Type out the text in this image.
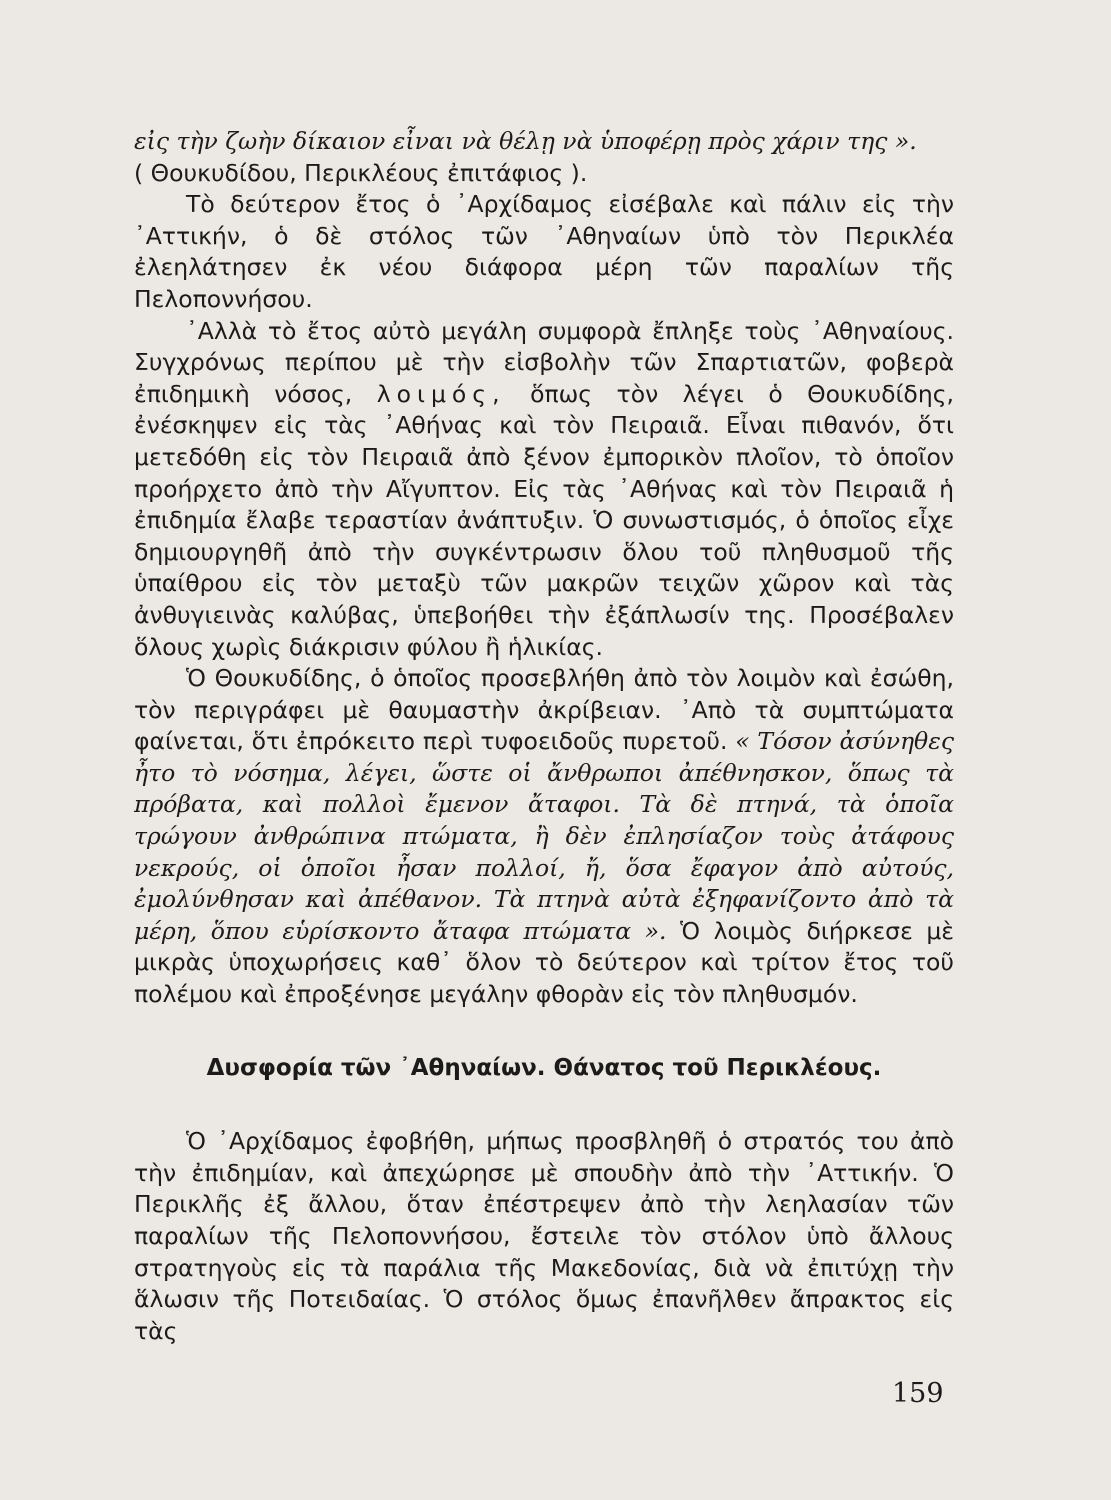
εἰς τὴν ζωὴν δίκαιον εἶναι νὰ θέλῃ νὰ ὑποφέρῃ πρὸς χάριν της ».

( Θουκυδίδου, Περικλέους ἐπιτάφιος ).

Τὸ δεύτερον ἔτος ὁ ᾿Αρχίδαμος εἰσέβαλε καὶ πάλιν εἰς τὴν ᾿Αττικήν, ὁ δὲ στόλος τῶν ᾿Αθηναίων ὑπὸ τὸν Περικλέα ἐλεηλάτησεν ἐκ νέου διάφορα μέρη τῶν παραλίων τῆς Πελοποννήσου.

᾿Αλλὰ τὸ ἔτος αὐτὸ μεγάλη συμφορὰ ἔπληξε τοὺς ᾿Αθηναίους. Συγχρόνως περίπου μὲ τὴν εἰσβολὴν τῶν Σπαρτιατῶν, φοβερὰ ἐπιδημικὴ νόσος, λοιμός, ὅπως τὸν λέγει ὁ Θουκυδίδης, ἐνέσκηψεν εἰς τὰς ᾿Αθήνας καὶ τὸν Πειραιᾶ. Εἶναι πιθανόν, ὅτι μετεδόθη εἰς τὸν Πειραιᾶ ἀπὸ ξένον ἐμπορικὸν πλοῖον, τὸ ὁποῖον προήρχετο ἀπὸ τὴν Αἴγυπτον. Εἰς τὰς ᾿Αθήνας καὶ τὸν Πειραιᾶ ἡ ἐπιδημία ἔλαβε τεραστίαν ἀνάπτυξιν. Ὁ συνωστισμός, ὁ ὁποῖος εἶχε δημιουργηθῆ ἀπὸ τὴν συγκέντρωσιν ὅλου τοῦ πληθυσμοῦ τῆς ὑπαίθρου εἰς τὸν μεταξὺ τῶν μακρῶν τειχῶν χῶρον καὶ τὰς ἀνθυγιεινὰς καλύβας, ὑπεβοήθει τὴν ἐξάπλωσίν της. Προσέβαλεν ὅλους χωρὶς διάκρισιν φύλου ἢ ἡλικίας.

Ὁ Θουκυδίδης, ὁ ὁποῖος προσεβλήθη ἀπὸ τὸν λοιμὸν καὶ ἐσώθη, τὸν περιγράφει μὲ θαυμαστὴν ἀκρίβειαν. ᾿Απὸ τὰ συμπτώματα φαίνεται, ὅτι ἐπρόκειτο περὶ τυφοειδοῦς πυρετοῦ. « Τόσον ἀσύνηθες ἦτο τὸ νόσημα, λέγει, ὥστε οἱ ἄνθρωποι ἀπέθνησκον, ὅπως τὰ πρόβατα, καὶ πολλοὶ ἔμενον ἄταφοι. Τὰ δὲ πτηνά, τὰ ὁποῖα τρώγουν ἀνθρώπινα πτώματα, ἢ δὲν ἐπλησίαζον τοὺς ἀτάφους νεκρούς, οἱ ὁποῖοι ἦσαν πολλοί, ἤ, ὅσα ἔφαγον ἀπὸ αὐτούς, ἐμολύνθησαν καὶ ἀπέθανον. Τὰ πτηνὰ αὐτὰ ἐξηφανίζοντο ἀπὸ τὰ μέρη, ὅπου εὑρίσκοντο ἄταφα πτώματα ». Ὁ λοιμὸς διήρκεσε μὲ μικρὰς ὑποχωρήσεις καθ᾿ ὅλον τὸ δεύτερον καὶ τρίτον ἔτος τοῦ πολέμου καὶ ἐπροξένησε μεγάλην φθορὰν εἰς τὸν πληθυσμόν.

Δυσφορία τῶν ᾿Αθηναίων. Θάνατος τοῦ Περικλέους.

Ὁ ᾿Αρχίδαμος ἐφοβήθη, μήπως προσβληθῆ ὁ στρατός του ἀπὸ τὴν ἐπιδημίαν, καὶ ἀπεχώρησε μὲ σπουδὴν ἀπὸ τὴν ᾿Αττικήν. Ὁ Περικλῆς ἐξ ἄλλου, ὅταν ἐπέστρεψεν ἀπὸ τὴν λεηλασίαν τῶν παραλίων τῆς Πελοποννήσου, ἔστειλε τὸν στόλον ὑπὸ ἄλλους στρατηγοὺς εἰς τὰ παράλια τῆς Μακεδονίας, διὰ νὰ ἐπιτύχῃ τὴν ἅλωσιν τῆς Ποτειδαίας. Ὁ στόλος ὅμως ἐπανῆλθεν ἄπρακτος εἰς τὰς

159
